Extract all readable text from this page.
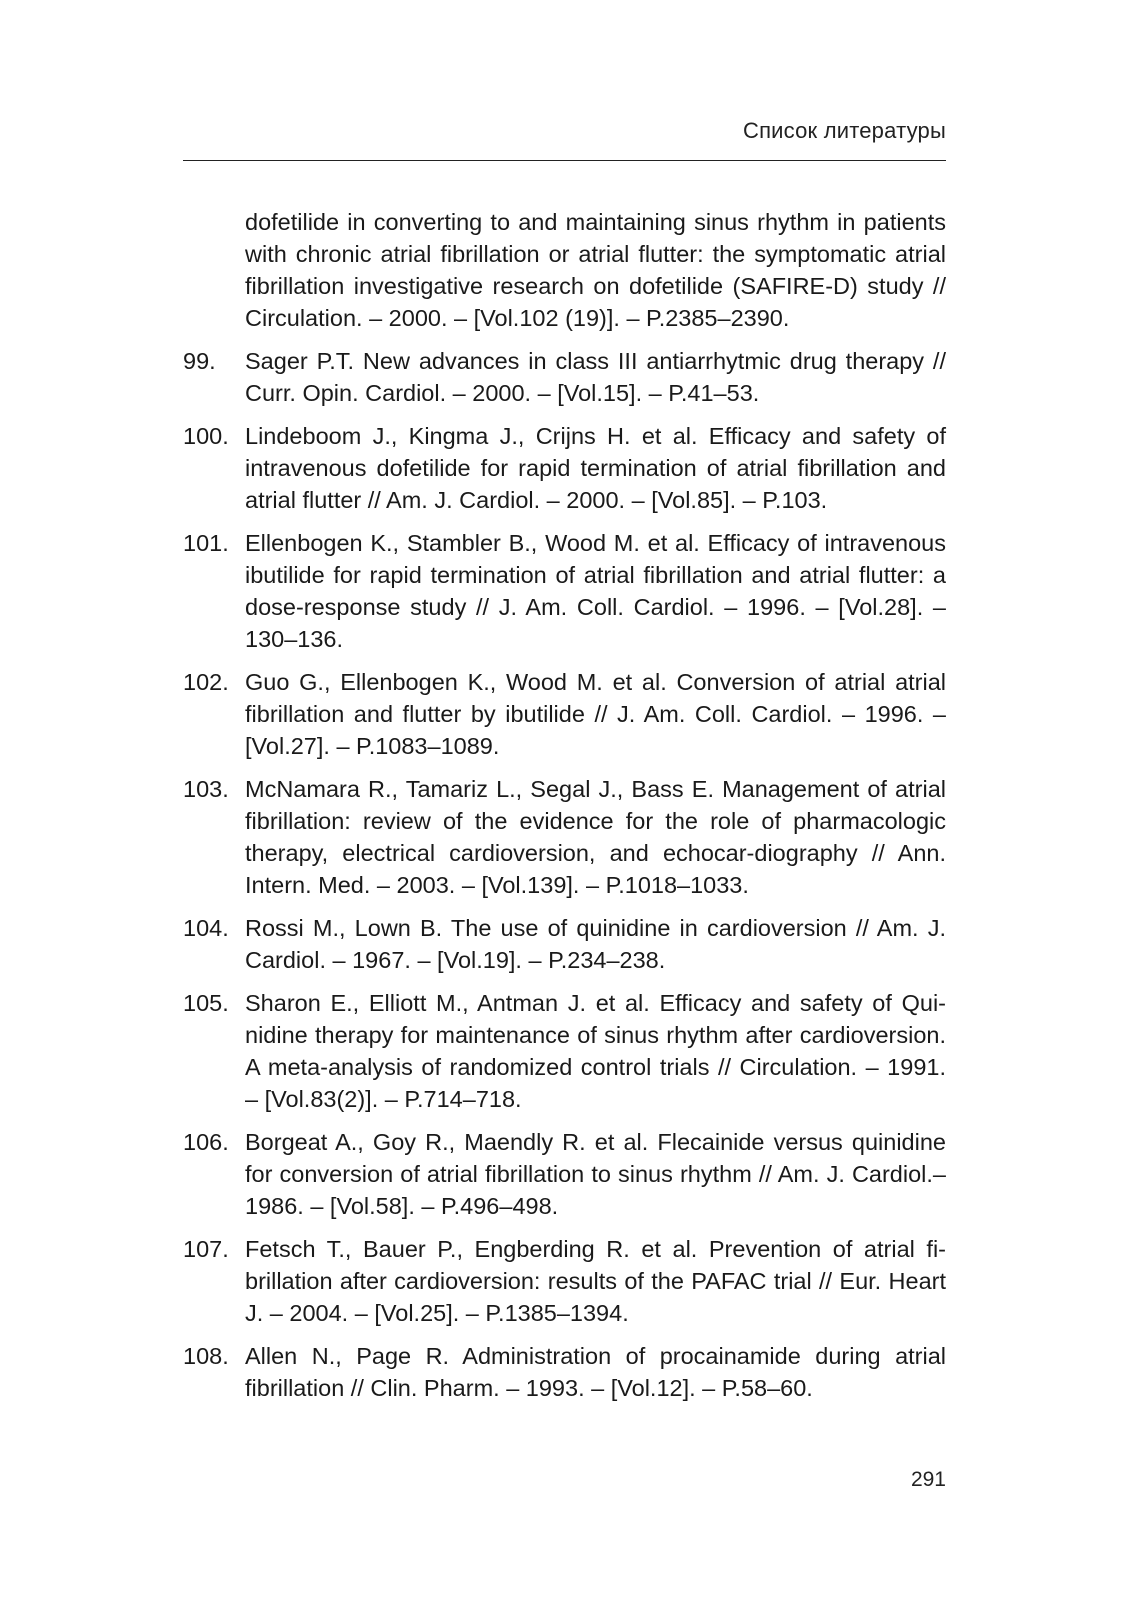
Список литературы
dofetilide in converting to and maintaining sinus rhythm in patients with chronic atrial fibrillation or atrial flutter: the symptomatic atrial fibrillation investigative research on dofetilide (SAFIRE-D) study // Circulation. – 2000. – [Vol.102 (19)]. – P.2385–2390.
99.	Sager P.T. New advances in class III antiarrhytmic drug therapy // Curr. Opin. Cardiol. – 2000. – [Vol.15]. – P.41–53.
100. Lindeboom J., Kingma J., Crijns H. et al. Efficacy and safety of intravenous dofetilide for rapid termination of atrial fibrillation and atrial flutter // Am. J. Cardiol. – 2000. – [Vol.85]. – P.103.
101. Ellenbogen K., Stambler B., Wood M. et al. Efficacy of intravenous ibutilide for rapid termination of atrial fibrillation and atrial flutter: a dose-response study // J. Am. Coll. Cardiol. – 1996. – [Vol.28]. –130–136.
102. Guo G., Ellenbogen K., Wood M. et al. Conversion of atrial atrial fibrillation and flutter by ibutilide // J. Am. Coll. Cardiol. – 1996. – [Vol.27]. – P.1083–1089.
103. McNamara R., Tamariz L., Segal J., Bass E. Management of atrial fibrillation: review of the evidence for the role of pharmacologic therapy, electrical cardioversion, and echocar-diography // Ann. Intern. Med. – 2003. – [Vol.139]. – P.1018–1033.
104. Rossi M., Lown B. The use of quinidine in cardioversion // Am. J. Cardiol. – 1967. – [Vol.19]. – P.234–238.
105. Sharon E., Elliott M., Antman J. et al. Efficacy and safety of Quinidine therapy for maintenance of sinus rhythm after cardioversion. A meta-analysis of randomized control trials // Circulation. – 1991. – [Vol.83(2)]. – P.714–718.
106. Borgeat A., Goy R., Maendly R. et al. Flecainide versus quinidine for conversion of atrial fibrillation to sinus rhythm // Am. J. Cardiol.– 1986. – [Vol.58]. – P.496–498.
107. Fetsch T., Bauer P., Engberding R. et al. Prevention of atrial fibrillation after cardioversion: results of the PAFAC trial // Eur. Heart J. – 2004. – [Vol.25]. – P.1385–1394.
108. Allen N., Page R. Administration of procainamide during atrial fibrillation // Clin. Pharm. – 1993. – [Vol.12]. – P.58–60.
291
